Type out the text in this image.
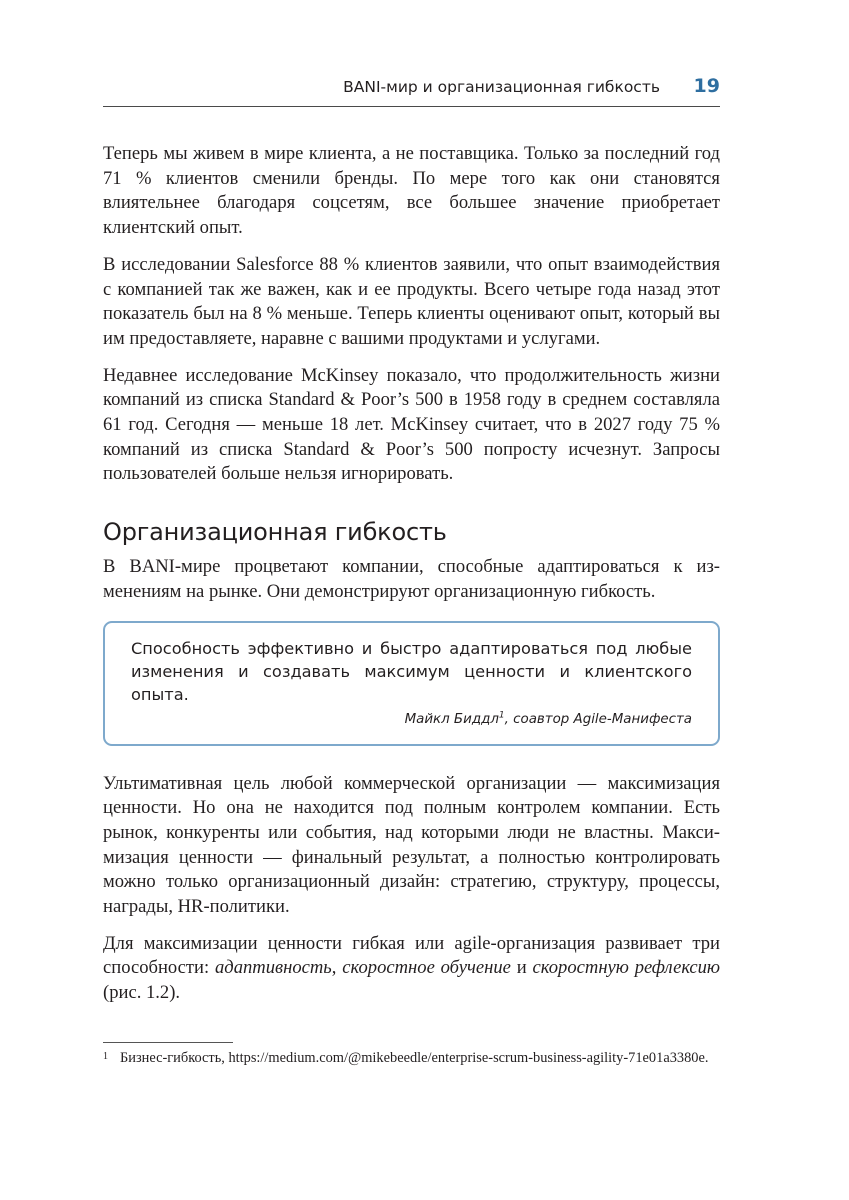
BANI-мир и организационная гибкость 19

Теперь мы живем в мире клиента, а не поставщика. Только за последний год 71 % клиентов сменили бренды. По мере того как они становятся влиятельнее благодаря соцсетям, все большее значение приобретает клиентский опыт.

В исследовании Salesforce 88 % клиентов заявили, что опыт взаимодействия с компанией так же важен, как и ее продукты. Всего четыре года назад этот показатель был на 8 % меньше. Теперь клиенты оценивают опыт, который вы им предоставляете, наравне с вашими продуктами и услугами.

Недавнее исследование McKinsey показало, что продолжительность жизни компаний из списка Standard & Poor’s 500 в 1958 году в среднем составляла 61 год. Сегодня — меньше 18 лет. McKinsey считает, что в 2027 году 75 % компаний из списка Standard & Poor’s 500 попросту исчезнут. Запросы пользователей больше нельзя игнорировать.

Организационная гибкость

В BANI-мире процветают компании, способные адаптироваться к изменениям на рынке. Они демонстрируют организационную гибкость.

Способность эффективно и быстро адаптироваться под любые изменения и создавать максимум ценности и клиентского опыта.

Майкл Биддл$^1$, соавтор Agile-Манифеста

Ультимативная цель любой коммерческой организации — максимизация ценности. Но она не находится под полным контролем компании. Есть рынок, конкуренты или события, над которыми люди не властны. Максимизация ценности — финальный результат, а полностью контролировать можно только организационный дизайн: стратегию, структуру, процессы, награды, HR-политики.

Для максимизации ценности гибкая или agile-организация развивает три способности: адаптивность, скоростное обучение и скоростную рефлексию (рис. 1.2).

1 Бизнес-гибкость, https://medium.com/@mikebeedle/enterprise-scrum-business-agility-71e01a3380e.
